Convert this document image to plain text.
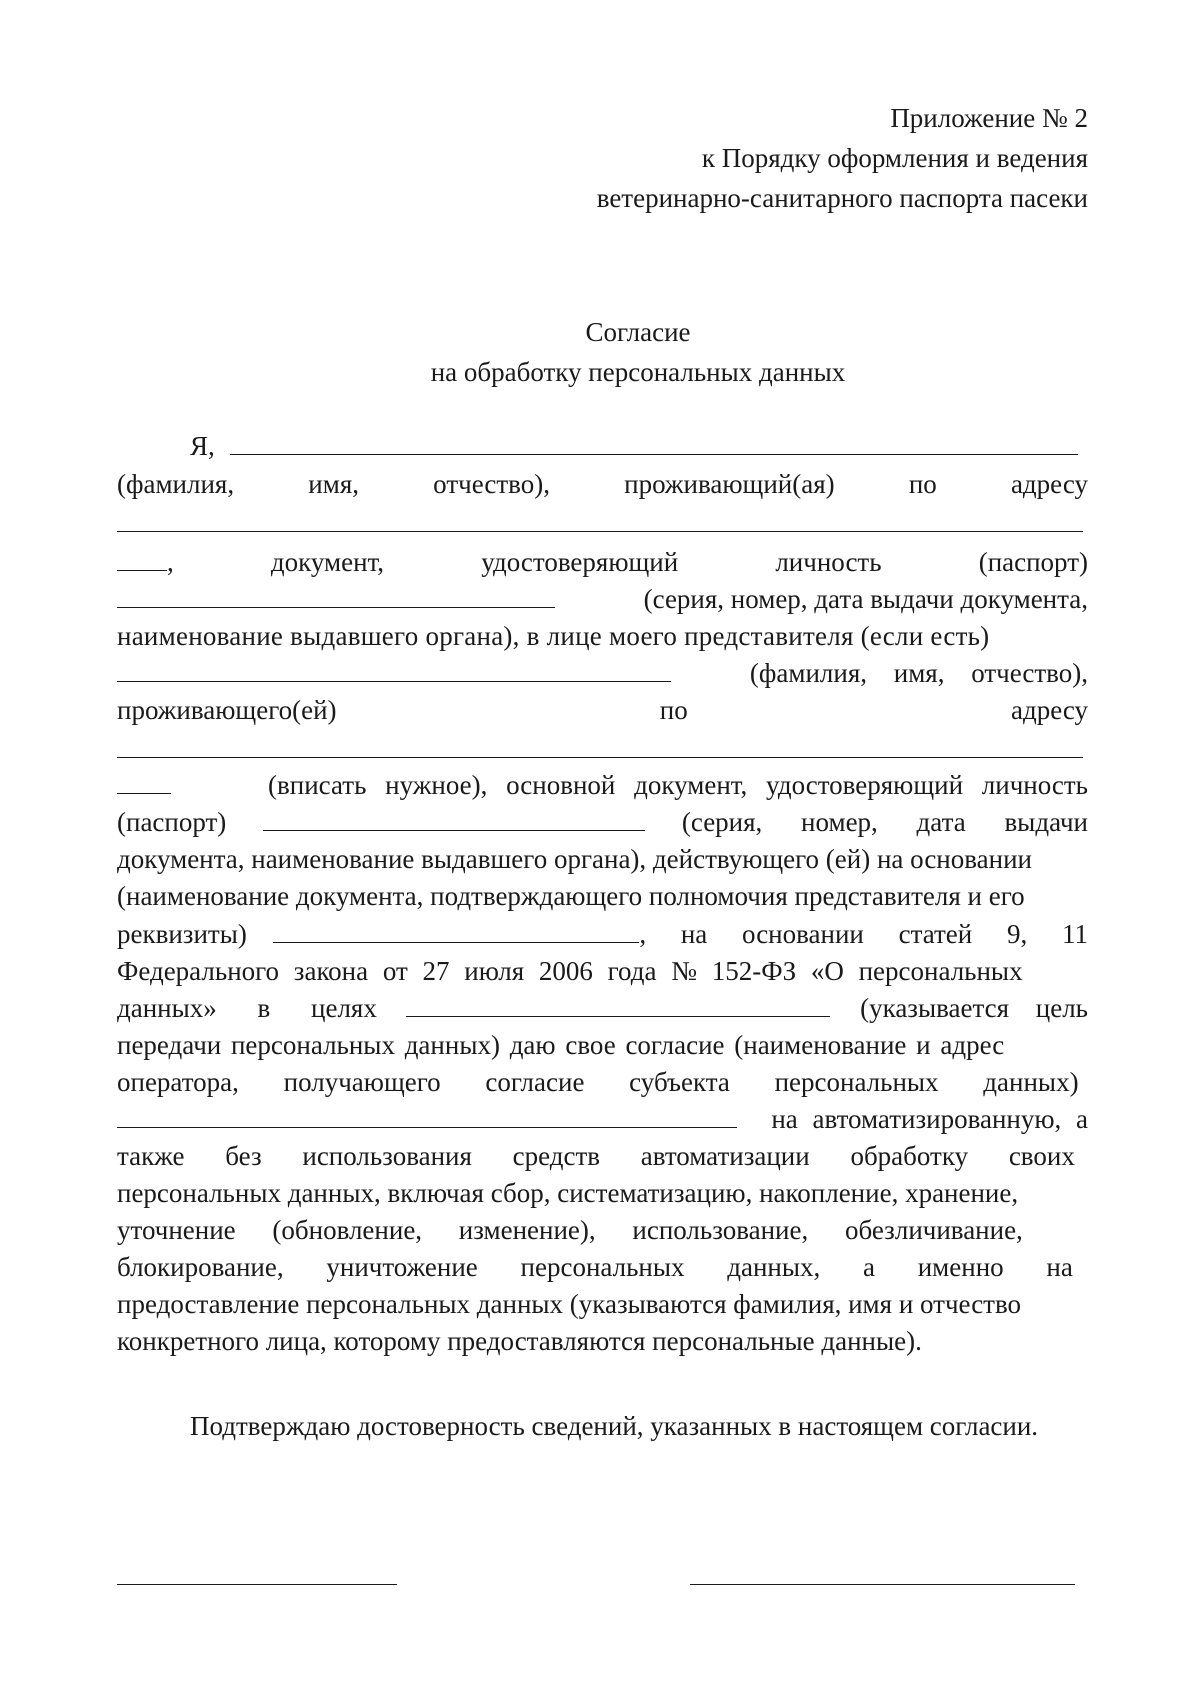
Приложение № 2
к Порядку оформления и ведения
ветеринарно-санитарного паспорта пасеки
Согласие
на обработку персональных данных
Я,
(фамилия,	имя,	отчество),	проживающий(ая)	по	адресу
,	документ,	удостоверяющий	личность	(паспорт)
(серия, номер, дата выдачи документа,
наименование выдавшего органа), в лице моего представителя (если есть)
(фамилия, имя, отчество),
проживающего(ей)	по	адресу
(вписать нужное), основной документ, удостоверяющий личность
(паспорт)	(серия, номер, дата выдачи
документа, наименование выдавшего органа), действующего (ей) на основании
(наименование документа, подтверждающего полномочия представителя и его
реквизиты)	, на основании статей 9, 11
Федерального закона от 27 июля 2006 года № 152-ФЗ «О персональных
данных» в целях	(указывается цель
передачи персональных данных) даю свое согласие (наименование и адрес
оператора, получающего согласие субъекта персональных данных)
на автоматизированную, а
также без использования средств автоматизации обработку своих
персональных данных, включая сбор, систематизацию, накопление, хранение,
уточнение (обновление, изменение), использование, обезличивание,
блокирование, уничтожение персональных данных, а именно на
предоставление персональных данных (указываются фамилия, имя и отчество
конкретного лица, которому предоставляются персональные данные).
Подтверждаю достоверность сведений, указанных в настоящем согласии.
